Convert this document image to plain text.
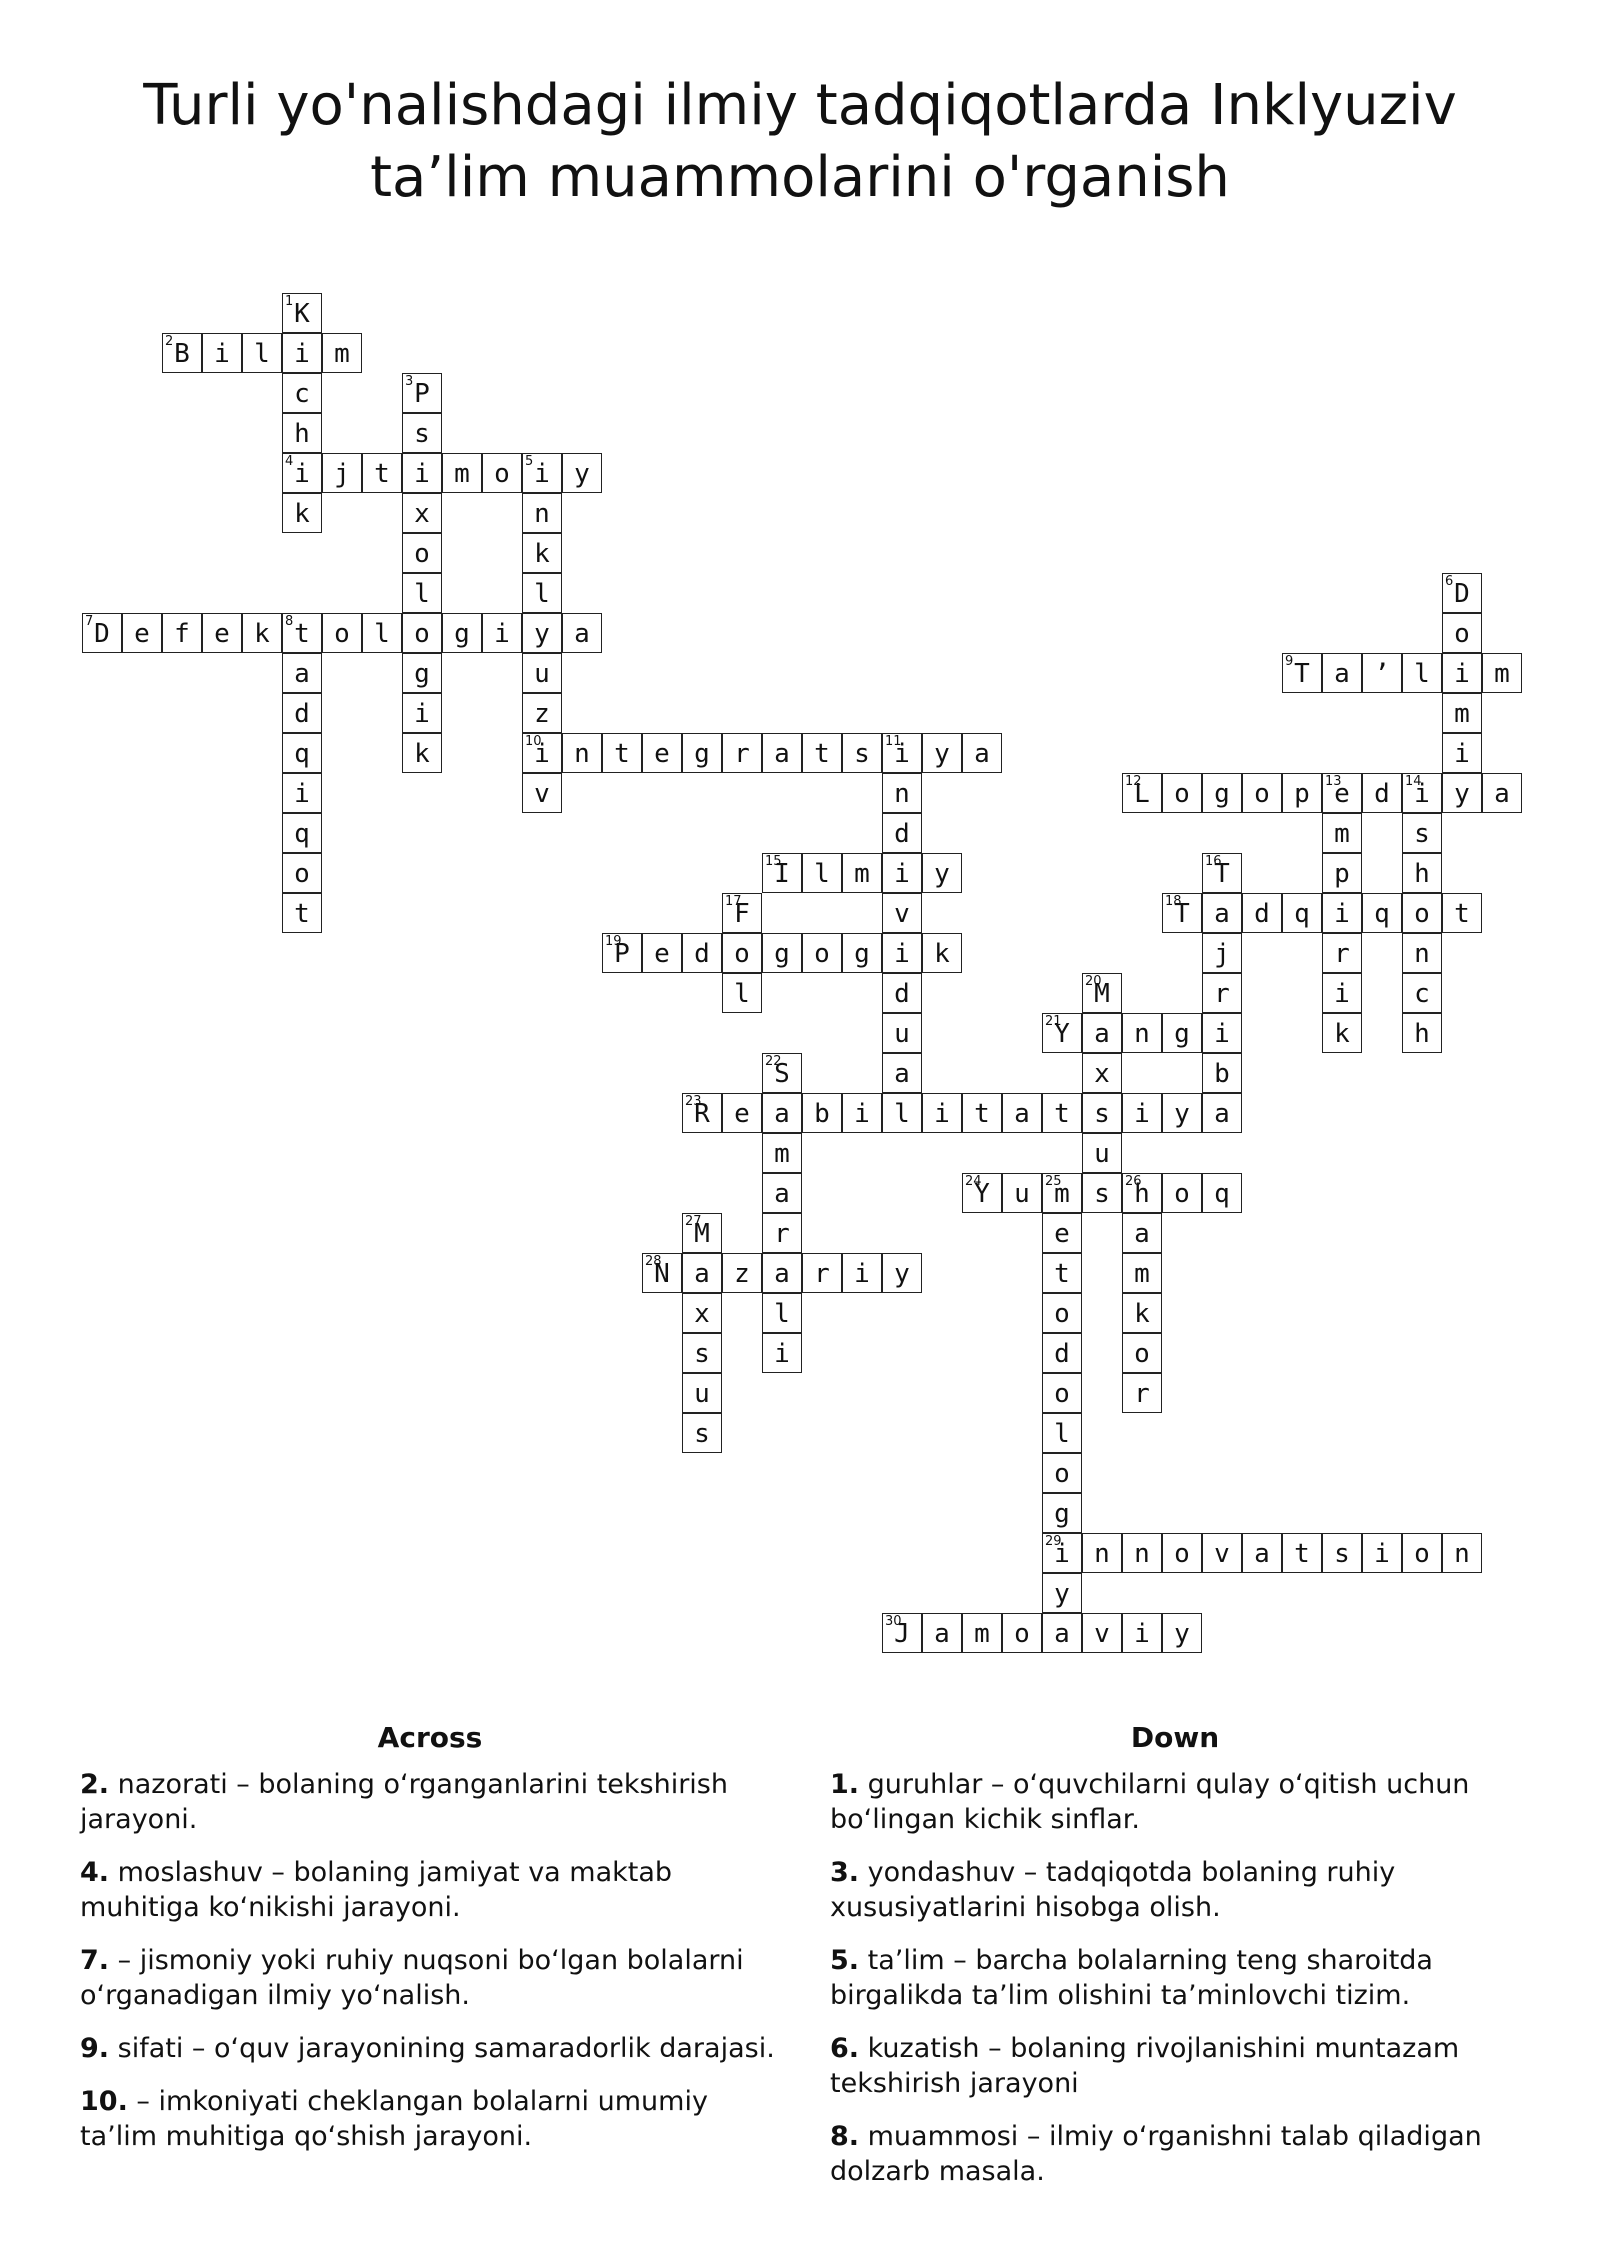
Turli yo'nalishdagi ilmiy tadqiqotlarda Inklyuziv
ta’lim muammolarini o'rganish
1 K
i
c
h
4 i
k
2 B i l	m
3 P
s
i
x
o
l
o
g
i
k
j t	m o	5 i y
n
k
l
y
u
z
10
i
v
6 D
o
i
m
i
y
7 D e f e k	8 t o l	g i	a
a
d
q
i
q
o
t
9 T a ’ l	m
n t e g r a t s	11
i y a
n
d
i
v
i
d
u
a
l
12
L o g o p	13
e d	14
i	a
m
p
i
r
i
k
s
h
o
n
c
h
15
I l m	y	16
T
a
j
r
i
b
a
17
F
o
l
18
T	d q	q	t
19
P e d	g o g	k
20
M
a
x
s
u
s
21
Y	n g
22
S
a
m
a
r
a
l
i
23
R e	b i	i t a t	i y
24
Y u	25
m	26
h o q
e
t
o
d
o
l
o
g
29
i
y
a
m
k
o
r
27
M
a
x
s
u
s
28
N	z	r i y
n n o v a t s i o n
30
J a m o a v i y
Across
2. nazorati – bolaning o‘rganganlarini tekshirish jarayoni.
4. moslashuv – bolaning jamiyat va maktab muhitiga ko‘nikishi jarayoni.
7. – jismoniy yoki ruhiy nuqsoni bo‘lgan bolalarni o‘rganadigan ilmiy yo‘nalish.
9. sifati – o‘quv jarayonining samaradorlik darajasi.
10. – imkoniyati cheklangan bolalarni umumiy ta’lim muhitiga qo‘shish jarayoni.
Down
1. guruhlar – o‘quvchilarni qulay o‘qitish uchun bo‘lingan kichik sinflar.
3. yondashuv – tadqiqotda bolaning ruhiy xususiyatlarini hisobga olish.
5. ta’lim – barcha bolalarning teng sharoitda birgalikda ta’lim olishini ta’minlovchi tizim.
6. kuzatish – bolaning rivojlanishini muntazam tekshirish jarayoni
8. muammosi – ilmiy o‘rganishni talab qiladigan dolzarb masala.
